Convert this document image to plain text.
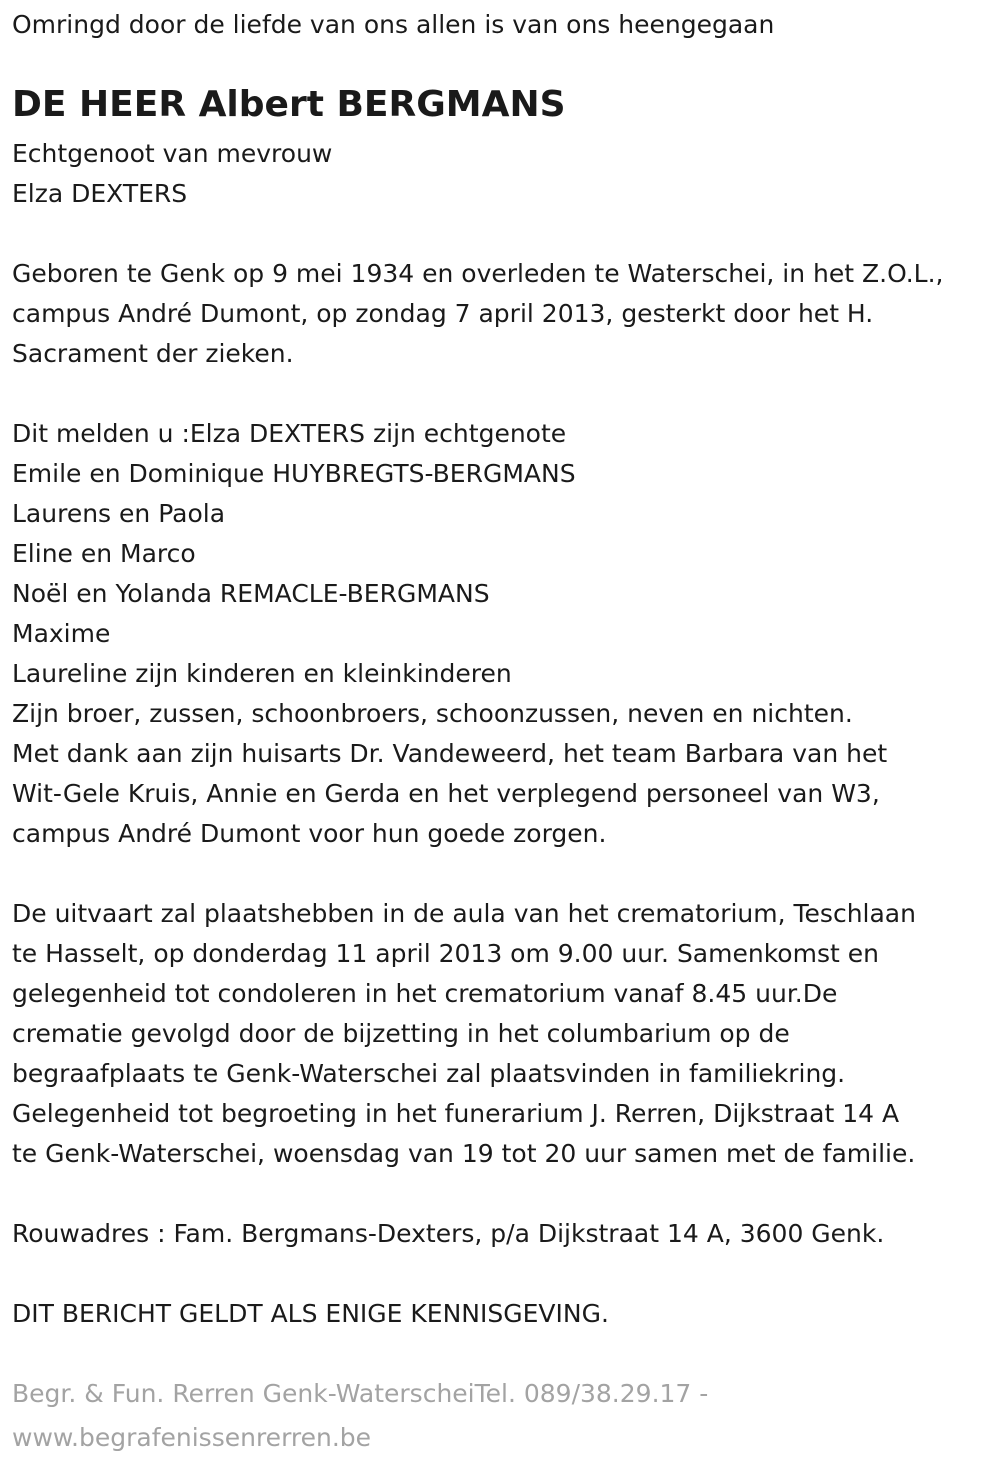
Omringd door de liefde van ons allen is van ons heengegaan

DE HEER Albert BERGMANS

Echtgenoot van mevrouw

Elza DEXTERS

Geboren te Genk op 9 mei 1934 en overleden te Waterschei, in het Z.O.L.,

campus André Dumont, op zondag 7 april 2013, gesterkt door het H.

Sacrament der zieken.

Dit melden u :Elza DEXTERS zijn echtgenote

Emile en Dominique HUYBREGTS-BERGMANS

Laurens en Paola

Eline en Marco

Noël en Yolanda REMACLE-BERGMANS

Maxime

Laureline zijn kinderen en kleinkinderen

Zijn broer, zussen, schoonbroers, schoonzussen, neven en nichten.

Met dank aan zijn huisarts Dr. Vandeweerd, het team Barbara van het

Wit-Gele Kruis, Annie en Gerda en het verplegend personeel van W3,

campus André Dumont voor hun goede zorgen.

De uitvaart zal plaatshebben in de aula van het crematorium, Teschlaan

te Hasselt, op donderdag 11 april 2013 om 9.00 uur. Samenkomst en

gelegenheid tot condoleren in het crematorium vanaf 8.45 uur.De

crematie gevolgd door de bijzetting in het columbarium op de

begraafplaats te Genk-Waterschei zal plaatsvinden in familiekring.

Gelegenheid tot begroeting in het funerarium J. Rerren, Dijkstraat 14 A

te Genk-Waterschei, woensdag van 19 tot 20 uur samen met de familie.

Rouwadres : Fam. Bergmans-Dexters, p/a Dijkstraat 14 A, 3600 Genk.

DIT BERICHT GELDT ALS ENIGE KENNISGEVING.

Begr. & Fun. Rerren Genk-WaterscheiTel. 089/38.29.17 -

www.begrafenissenrerren.be
